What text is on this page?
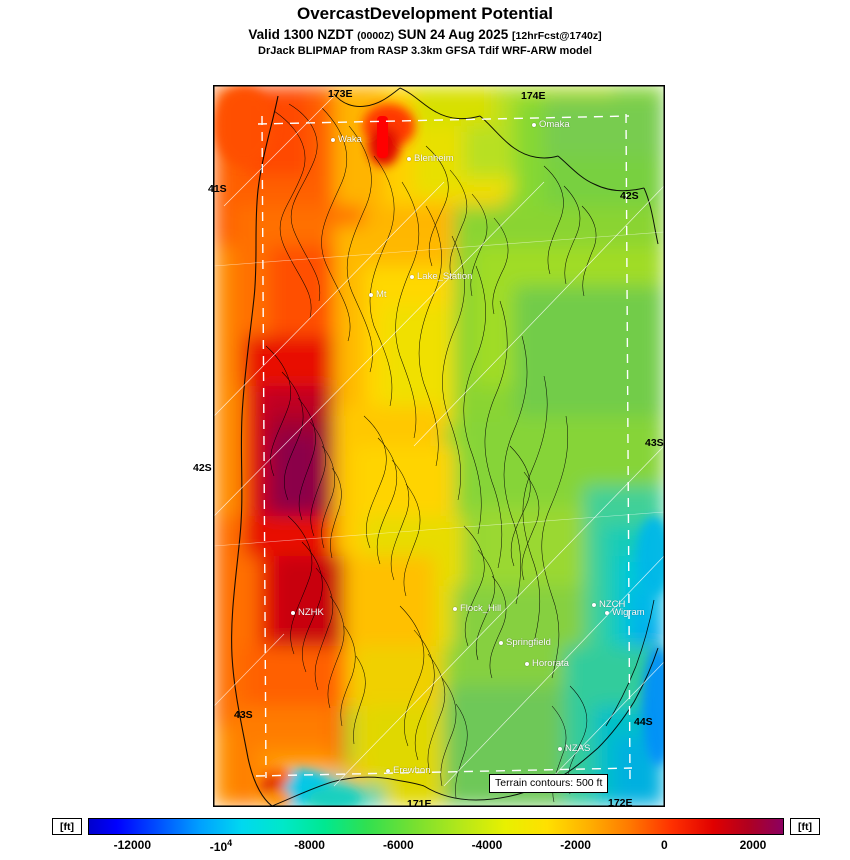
OvercastDevelopment Potential
Valid 1300 NZDT (0000Z) SUN 24 Aug 2025 [12hrFcst@1740z]
DrJack BLIPMAP from RASP 3.3km GFSA Tdif WRF-ARW model
Waka
Omaka
Blenheim
Lake_Station
Mt
Flock_Hill
NZHK
NZCH
Wigram
Springfield
Hororata
NZAS
Erewhon
Terrain contours: 500 ft
173E	174E
41S
42S
42S
43S
43S
44S
171E	172E
[ft]	[ft]
-12000	$-10^4$	-8000	-6000	-4000	-2000	0	2000
